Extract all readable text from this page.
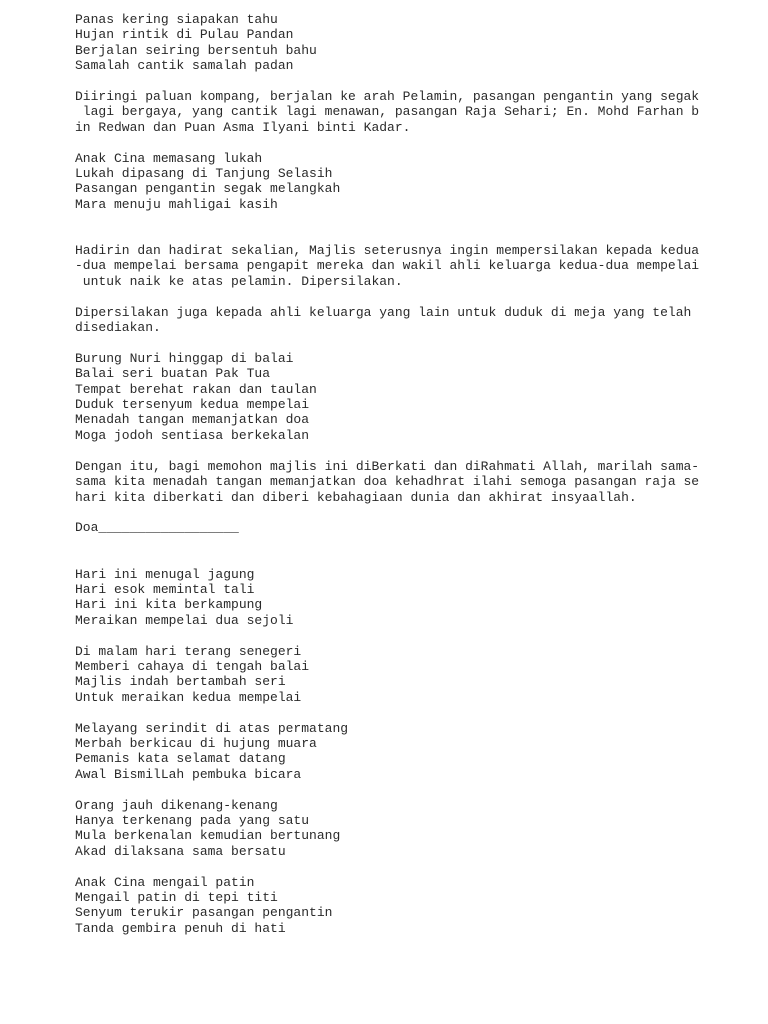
Panas kering siapakan tahu
Hujan rintik di Pulau Pandan
Berjalan seiring bersentuh bahu
Samalah cantik samalah padan
Diiringi paluan kompang, berjalan ke arah Pelamin, pasangan pengantin yang segak
lagi bergaya, yang cantik lagi menawan, pasangan Raja Sehari; En. Mohd Farhan b
in Redwan dan Puan Asma Ilyani binti Kadar.
Anak Cina memasang lukah
Lukah dipasang di Tanjung Selasih
Pasangan pengantin segak melangkah
Mara menuju mahligai kasih
Hadirin dan hadirat sekalian, Majlis seterusnya ingin mempersilakan kepada kedua
-dua mempelai bersama pengapit mereka dan wakil ahli keluarga kedua-dua mempelai
untuk naik ke atas pelamin. Dipersilakan.
Dipersilakan juga kepada ahli keluarga yang lain untuk duduk di meja yang telah
disediakan.
Burung Nuri hinggap di balai
Balai seri buatan Pak Tua
Tempat berehat rakan dan taulan
Duduk tersenyum kedua mempelai
Menadah tangan memanjatkan doa
Moga jodoh sentiasa berkekalan
Dengan itu, bagi memohon majlis ini diBerkati dan diRahmati Allah, marilah sama-
sama kita menadah tangan memanjatkan doa kehadhrat ilahi semoga pasangan raja se
hari kita diberkati dan diberi kebahagiaan dunia dan akhirat insyaallah.
Doa__________________
Hari ini menugal jagung
Hari esok memintal tali
Hari ini kita berkampung
Meraikan mempelai dua sejoli
Di malam hari terang senegeri
Memberi cahaya di tengah balai
Majlis indah bertambah seri
Untuk meraikan kedua mempelai
Melayang serindit di atas permatang
Merbah berkicau di hujung muara
Pemanis kata selamat datang
Awal BismilLah pembuka bicara
Orang jauh dikenang-kenang
Hanya terkenang pada yang satu
Mula berkenalan kemudian bertunang
Akad dilaksana sama bersatu
Anak Cina mengail patin
Mengail patin di tepi titi
Senyum terukir pasangan pengantin
Tanda gembira penuh di hati
